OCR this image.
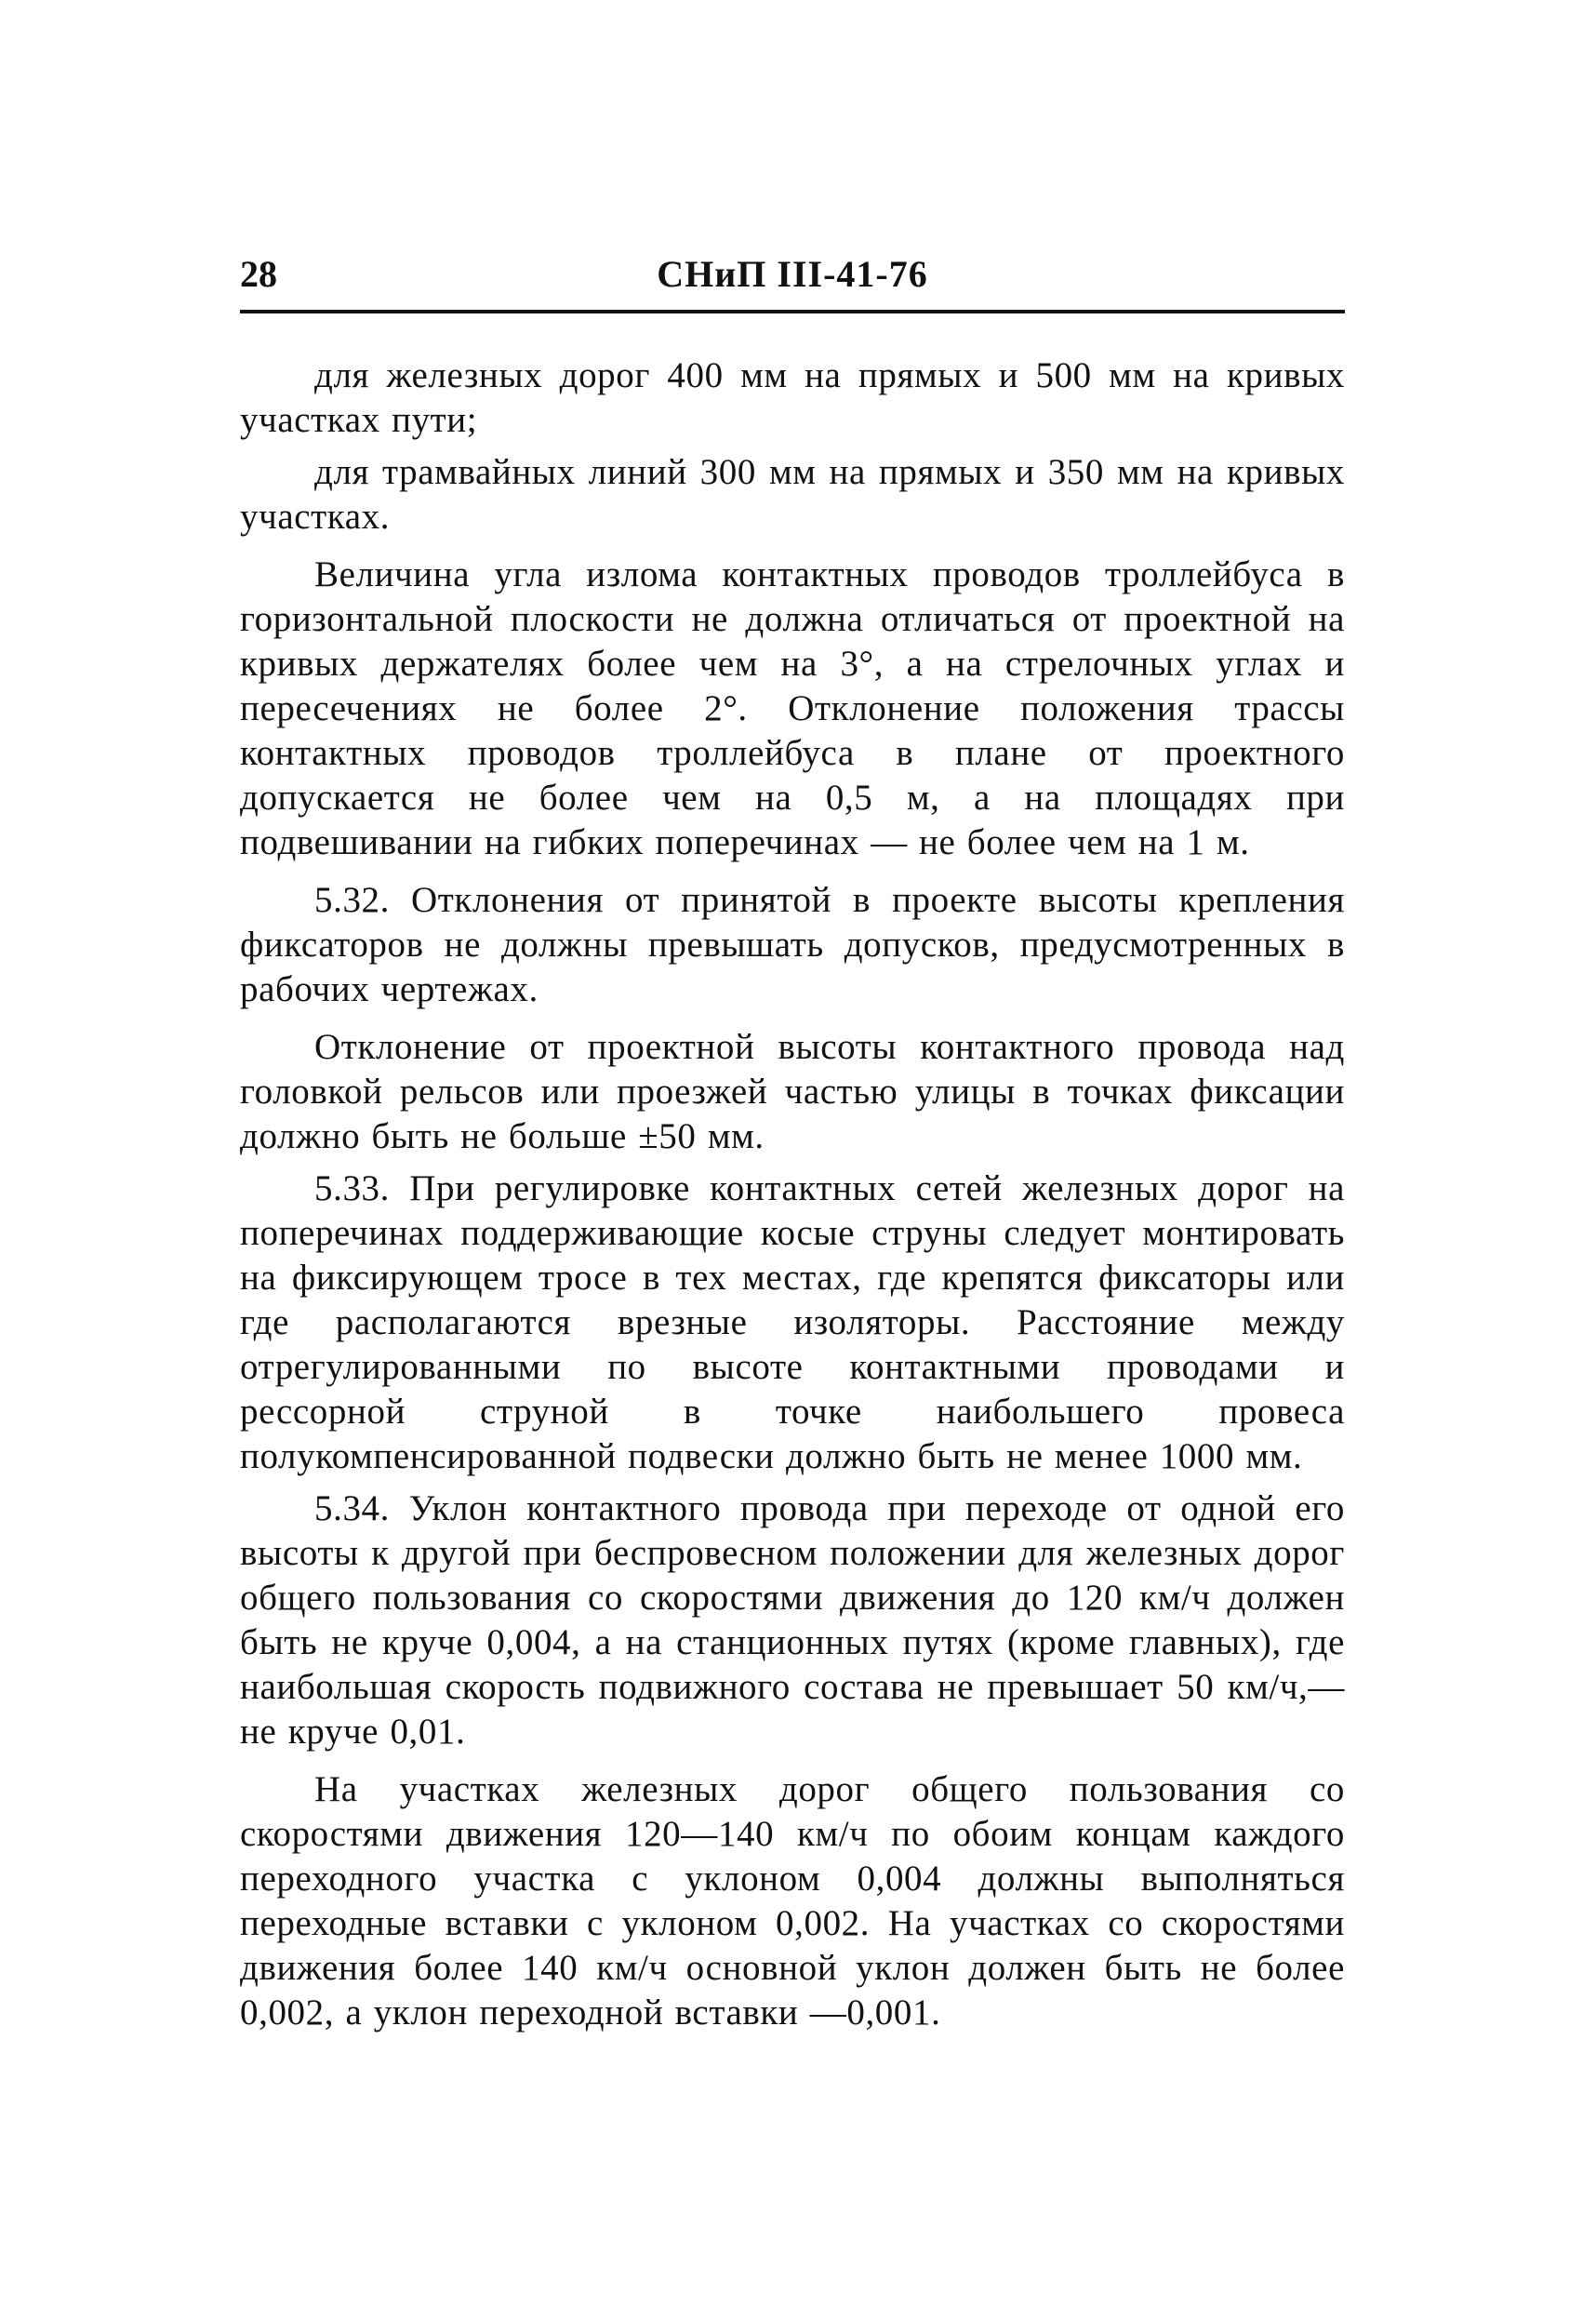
28	СНиП III-41-76

для железных дорог 400 мм на прямых и 500 мм на кривых участках пути;

для трамвайных линий 300 мм на прямых и 350 мм на кривых участках.

Величина угла излома контактных проводов троллейбуса в горизонтальной плоскости не должна отличаться от проектной на кривых держателях более чем на 3°, а на стрелочных углах и пересечениях не более 2°. Отклонение положения трассы контактных проводов троллейбуса в плане от проектного допускается не более чем на 0,5 м, а на площадях при подвешивании на гибких поперечинах — не более чем на 1 м.

5.32. Отклонения от принятой в проекте высоты крепления фиксаторов не должны превышать допусков, предусмотренных в рабочих чертежах.

Отклонение от проектной высоты контактного провода над головкой рельсов или проезжей частью улицы в точках фиксации должно быть не больше ±50 мм.

5.33. При регулировке контактных сетей железных дорог на поперечинах поддерживающие косые струны следует монтировать на фиксирующем тросе в тех местах, где крепятся фиксаторы или где располагаются врезные изоляторы. Расстояние между отрегулированными по высоте контактными проводами и рессорной струной в точке наибольшего провеса полукомпенсированной подвески должно быть не менее 1000 мм.

5.34. Уклон контактного провода при переходе от одной его высоты к другой при беспровесном положении для железных дорог общего пользования со скоростями движения до 120 км/ч должен быть не круче 0,004, а на станционных путях (кроме главных), где наибольшая скорость подвижного состава не превышает 50 км/ч,— не круче 0,01.

На участках железных дорог общего пользования со скоростями движения 120—140 км/ч по обоим концам каждого переходного участка с уклоном 0,004 должны выполняться переходные вставки с уклоном 0,002. На участках со скоростями движения более 140 км/ч основной уклон должен быть не более 0,002, а уклон переходной вставки —0,001.
